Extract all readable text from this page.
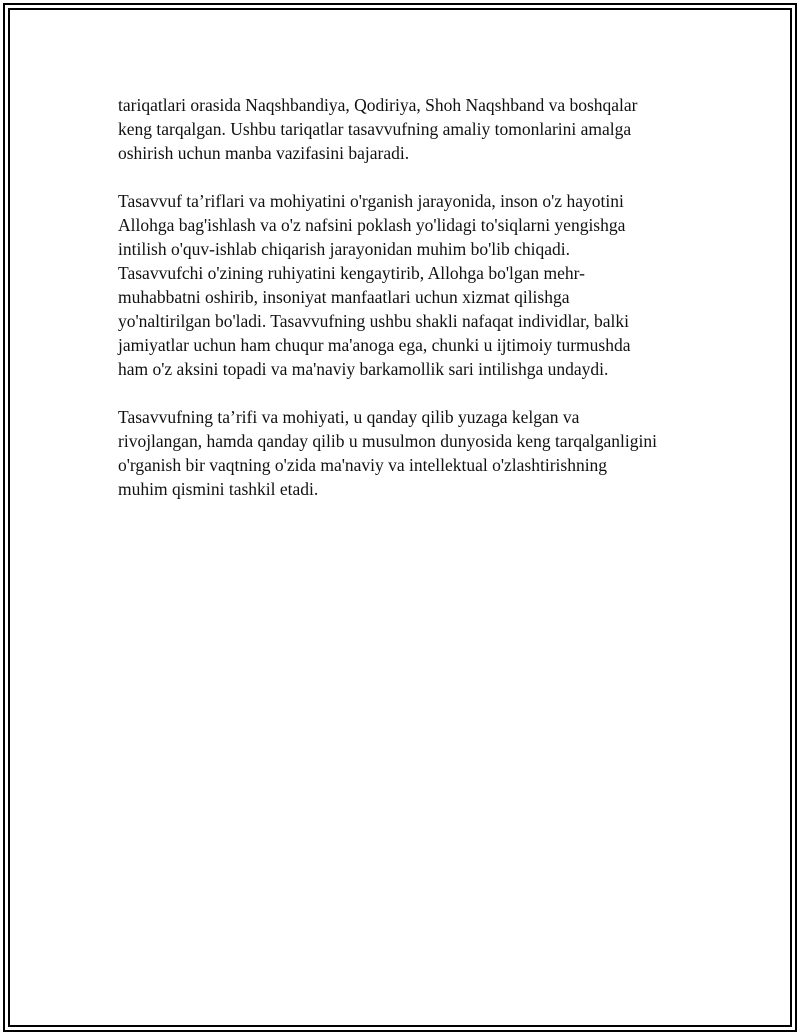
tariqatlari orasida Naqshbandiya, Qodiriya, Shoh Naqshband va boshqalar
keng tarqalgan. Ushbu tariqatlar tasavvufning amaliy tomonlarini amalga
oshirish uchun manba vazifasini bajaradi.

Tasavvuf ta’riflari va mohiyatini o'rganish jarayonida, inson o'z hayotini
Allohga bag'ishlash va o'z nafsini poklash yo'lidagi to'siqlarni yengishga
intilish o'quv-ishlab chiqarish jarayonidan muhim bo'lib chiqadi.
Tasavvufchi o'zining ruhiyatini kengaytirib, Allohga bo'lgan mehr-
muhabbatni oshirib, insoniyat manfaatlari uchun xizmat qilishga
yo'naltirilgan bo'ladi. Tasavvufning ushbu shakli nafaqat individlar, balki
jamiyatlar uchun ham chuqur ma'anoga ega, chunki u ijtimoiy turmushda
ham o'z aksini topadi va ma'naviy barkamollik sari intilishga undaydi.

Tasavvufning ta’rifi va mohiyati, u qanday qilib yuzaga kelgan va
rivojlangan, hamda qanday qilib u musulmon dunyosida keng tarqalganligini
o'rganish bir vaqtning o'zida ma'naviy va intellektual o'zlashtirishning
muhim qismini tashkil etadi.
